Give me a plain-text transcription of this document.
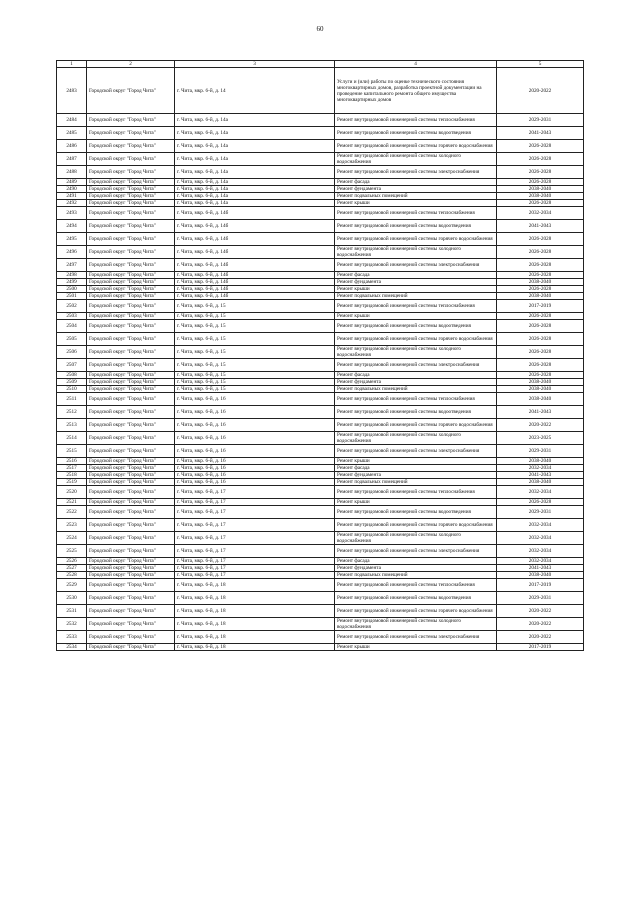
60
1	2	3	4	5
2483	Городской округ "Город Чита"	г. Чита, мкр. 6-й, д. 14	Услуги и (или) работы по оценке технического состояния многоквартирных домов, разработка проектной документации на проведение капитального ремонта общего имущества многоквартирных домов	2020-2022
2484	Городской округ "Город Чита"	г. Чита, мкр. 6-й, д. 14а	Ремонт внутридомовой инженерной системы теплоснабжения	2029-2031
2485	Городской округ "Город Чита"	г. Чита, мкр. 6-й, д. 14а	Ремонт внутридомовой инженерной системы водоотведения	2041-2043
2486	Городской округ "Город Чита"	г. Чита, мкр. 6-й, д. 14а	Ремонт внутридомовой инженерной системы горячего водоснабжения	2026-2028
2487	Городской округ "Город Чита"	г. Чита, мкр. 6-й, д. 14а	Ремонт внутридомовой инженерной системы холодного водоснабжения	2026-2028
2488	Городской округ "Город Чита"	г. Чита, мкр. 6-й, д. 14а	Ремонт внутридомовой инженерной системы электроснабжения	2026-2028
2489	Городской округ "Город Чита"	г. Чита, мкр. 6-й, д. 14а	Ремонт фасада	2026-2028
2490	Городской округ "Город Чита"	г. Чита, мкр. 6-й, д. 14а	Ремонт фундамента	2038-2040
2491	Городской округ "Город Чита"	г. Чита, мкр. 6-й, д. 14а	Ремонт подвальных помещений	2038-2040
2492	Городской округ "Город Чита"	г. Чита, мкр. 6-й, д. 14а	Ремонт крыши	2026-2028
2493	Городской округ "Город Чита"	г. Чита, мкр. 6-й, д. 14б	Ремонт внутридомовой инженерной системы теплоснабжения	2032-2034
2494	Городской округ "Город Чита"	г. Чита, мкр. 6-й, д. 14б	Ремонт внутридомовой инженерной системы водоотведения	2041-2043
2495	Городской округ "Город Чита"	г. Чита, мкр. 6-й, д. 14б	Ремонт внутридомовой инженерной системы горячего водоснабжения	2026-2028
2496	Городской округ "Город Чита"	г. Чита, мкр. 6-й, д. 14б	Ремонт внутридомовой инженерной системы холодного водоснабжения	2026-2028
2497	Городской округ "Город Чита"	г. Чита, мкр. 6-й, д. 14б	Ремонт внутридомовой инженерной системы электроснабжения	2026-2028
2498	Городской округ "Город Чита"	г. Чита, мкр. 6-й, д. 14б	Ремонт фасада	2026-2028
2499	Городской округ "Город Чита"	г. Чита, мкр. 6-й, д. 14б	Ремонт фундамента	2038-2040
2500	Городской округ "Город Чита"	г. Чита, мкр. 6-й, д. 14б	Ремонт крыши	2026-2028
2501	Городской округ "Город Чита"	г. Чита, мкр. 6-й, д. 14б	Ремонт подвальных помещений	2038-2040
2502	Городской округ "Город Чита"	г. Чита, мкр. 6-й, д. 15	Ремонт внутридомовой инженерной системы теплоснабжения	2017-2019
2503	Городской округ "Город Чита"	г. Чита, мкр. 6-й, д. 15	Ремонт крыши	2026-2028
2504	Городской округ "Город Чита"	г. Чита, мкр. 6-й, д. 15	Ремонт внутридомовой инженерной системы водоотведения	2026-2028
2505	Городской округ "Город Чита"	г. Чита, мкр. 6-й, д. 15	Ремонт внутридомовой инженерной системы горячего водоснабжения	2026-2028
2506	Городской округ "Город Чита"	г. Чита, мкр. 6-й, д. 15	Ремонт внутридомовой инженерной системы холодного водоснабжения	2026-2028
2507	Городской округ "Город Чита"	г. Чита, мкр. 6-й, д. 15	Ремонт внутридомовой инженерной системы электроснабжения	2026-2028
2508	Городской округ "Город Чита"	г. Чита, мкр. 6-й, д. 15	Ремонт фасада	2026-2028
2509	Городской округ "Город Чита"	г. Чита, мкр. 6-й, д. 15	Ремонт фундамента	2038-2040
2510	Городской округ "Город Чита"	г. Чита, мкр. 6-й, д. 15	Ремонт подвальных помещений	2038-2040
2511	Городской округ "Город Чита"	г. Чита, мкр. 6-й, д. 16	Ремонт внутридомовой инженерной системы теплоснабжения	2038-2040
2512	Городской округ "Город Чита"	г. Чита, мкр. 6-й, д. 16	Ремонт внутридомовой инженерной системы водоотведения	2041-2043
2513	Городской округ "Город Чита"	г. Чита, мкр. 6-й, д. 16	Ремонт внутридомовой инженерной системы горячего водоснабжения	2020-2022
2514	Городской округ "Город Чита"	г. Чита, мкр. 6-й, д. 16	Ремонт внутридомовой инженерной системы холодного водоснабжения	2023-2025
2515	Городской округ "Город Чита"	г. Чита, мкр. 6-й, д. 16	Ремонт внутридомовой инженерной системы электроснабжения	2029-2031
2516	Городской округ "Город Чита"	г. Чита, мкр. 6-й, д. 16	Ремонт крыши	2038-2040
2517	Городской округ "Город Чита"	г. Чита, мкр. 6-й, д. 16	Ремонт фасада	2032-2034
2518	Городской округ "Город Чита"	г. Чита, мкр. 6-й, д. 16	Ремонт фундамента	2041-2043
2519	Городской округ "Город Чита"	г. Чита, мкр. 6-й, д. 16	Ремонт подвальных помещений	2038-2040
2520	Городской округ "Город Чита"	г. Чита, мкр. 6-й, д. 17	Ремонт внутридомовой инженерной системы теплоснабжения	2032-2034
2521	Городской округ "Город Чита"	г. Чита, мкр. 6-й, д. 17	Ремонт крыши	2026-2028
2522	Городской округ "Город Чита"	г. Чита, мкр. 6-й, д. 17	Ремонт внутридомовой инженерной системы водоотведения	2029-2031
2523	Городской округ "Город Чита"	г. Чита, мкр. 6-й, д. 17	Ремонт внутридомовой инженерной системы горячего водоснабжения	2032-2034
2524	Городской округ "Город Чита"	г. Чита, мкр. 6-й, д. 17	Ремонт внутридомовой инженерной системы холодного водоснабжения	2032-2034
2525	Городской округ "Город Чита"	г. Чита, мкр. 6-й, д. 17	Ремонт внутридомовой инженерной системы электроснабжения	2032-2034
2526	Городской округ "Город Чита"	г. Чита, мкр. 6-й, д. 17	Ремонт фасада	2032-2034
2527	Городской округ "Город Чита"	г. Чита, мкр. 6-й, д. 17	Ремонт фундамента	2041-2043
2528	Городской округ "Город Чита"	г. Чита, мкр. 6-й, д. 17	Ремонт подвальных помещений	2038-2040
2529	Городской округ "Город Чита"	г. Чита, мкр. 6-й, д. 18	Ремонт внутридомовой инженерной системы теплоснабжения	2017-2019
2530	Городской округ "Город Чита"	г. Чита, мкр. 6-й, д. 18	Ремонт внутридомовой инженерной системы водоотведения	2029-2031
2531	Городской округ "Город Чита"	г. Чита, мкр. 6-й, д. 18	Ремонт внутридомовой инженерной системы горячего водоснабжения	2020-2022
2532	Городской округ "Город Чита"	г. Чита, мкр. 6-й, д. 18	Ремонт внутридомовой инженерной системы холодного водоснабжения	2020-2022
2533	Городской округ "Город Чита"	г. Чита, мкр. 6-й, д. 18	Ремонт внутридомовой инженерной системы электроснабжения	2020-2022
2534	Городской округ "Город Чита"	г. Чита, мкр. 6-й, д. 18	Ремонт крыши	2017-2019
